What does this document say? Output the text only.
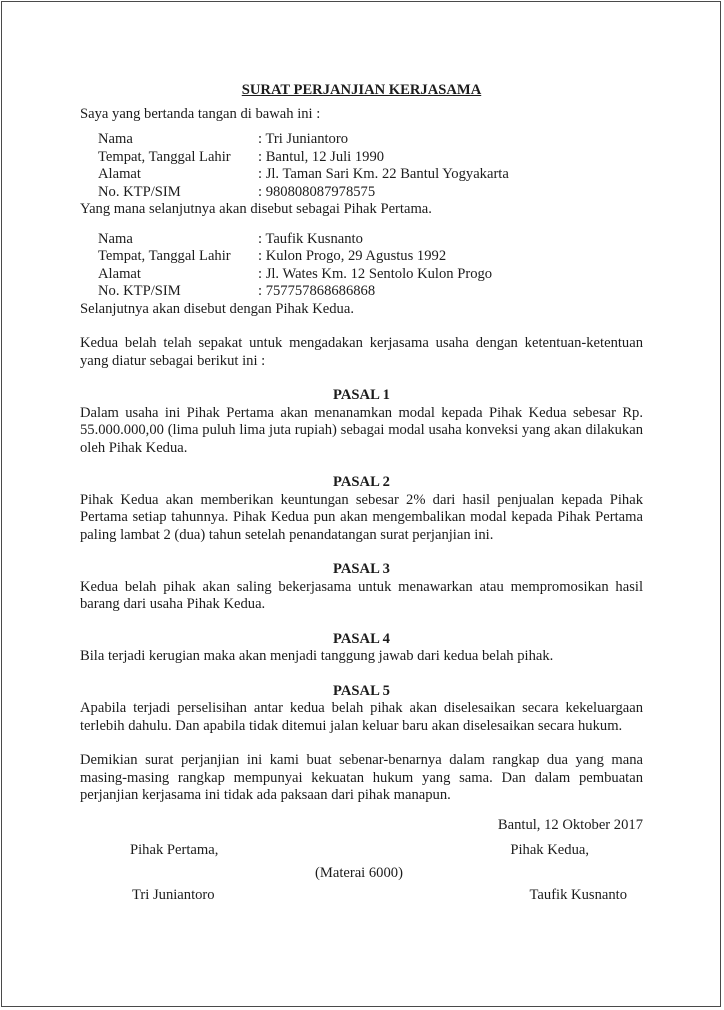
SURAT PERJANJIAN KERJASAMA

Saya yang bertanda tangan di bawah ini :

Nama	: Tri Juniantoro
Tempat, Tanggal Lahir	: Bantul, 12 Juli 1990
Alamat	: Jl. Taman Sari Km. 22 Bantul Yogyakarta
No. KTP/SIM	: 980808087978575

Yang mana selanjutnya akan disebut sebagai Pihak Pertama.

Nama	: Taufik Kusnanto
Tempat, Tanggal Lahir	: Kulon Progo, 29 Agustus 1992
Alamat	: Jl. Wates Km. 12 Sentolo Kulon Progo
No. KTP/SIM	: 757757868686868

Selanjutnya akan disebut dengan Pihak Kedua.

Kedua belah telah sepakat untuk mengadakan kerjasama usaha dengan ketentuan-ketentuan yang diatur sebagai berikut ini :

PASAL 1

Dalam usaha ini Pihak Pertama akan menanamkan modal kepada Pihak Kedua sebesar Rp. 55.000.000,00 (lima puluh lima juta rupiah) sebagai modal usaha konveksi yang akan dilakukan oleh Pihak Kedua.

PASAL 2

Pihak Kedua akan memberikan keuntungan sebesar 2% dari hasil penjualan kepada Pihak Pertama setiap tahunnya. Pihak Kedua pun akan mengembalikan modal kepada Pihak Pertama paling lambat 2 (dua) tahun setelah penandatangan surat perjanjian ini.

PASAL 3

Kedua belah pihak akan saling bekerjasama untuk menawarkan atau mempromosikan hasil barang dari usaha Pihak Kedua.

PASAL 4

Bila terjadi kerugian maka akan menjadi tanggung jawab dari kedua belah pihak.

PASAL 5

Apabila terjadi perselisihan antar kedua belah pihak akan diselesaikan secara kekeluargaan terlebih dahulu. Dan apabila tidak ditemui jalan keluar baru akan diselesaikan secara hukum.

Demikian surat perjanjian ini kami buat sebenar-benarnya dalam rangkap dua yang mana masing-masing rangkap mempunyai kekuatan hukum yang sama. Dan dalam pembuatan perjanjian kerjasama ini tidak ada paksaan dari pihak manapun.

Bantul, 12 Oktober 2017

Pihak Pertama,	Pihak Kedua,
(Materai 6000)
Tri Juniantoro	Taufik Kusnanto
